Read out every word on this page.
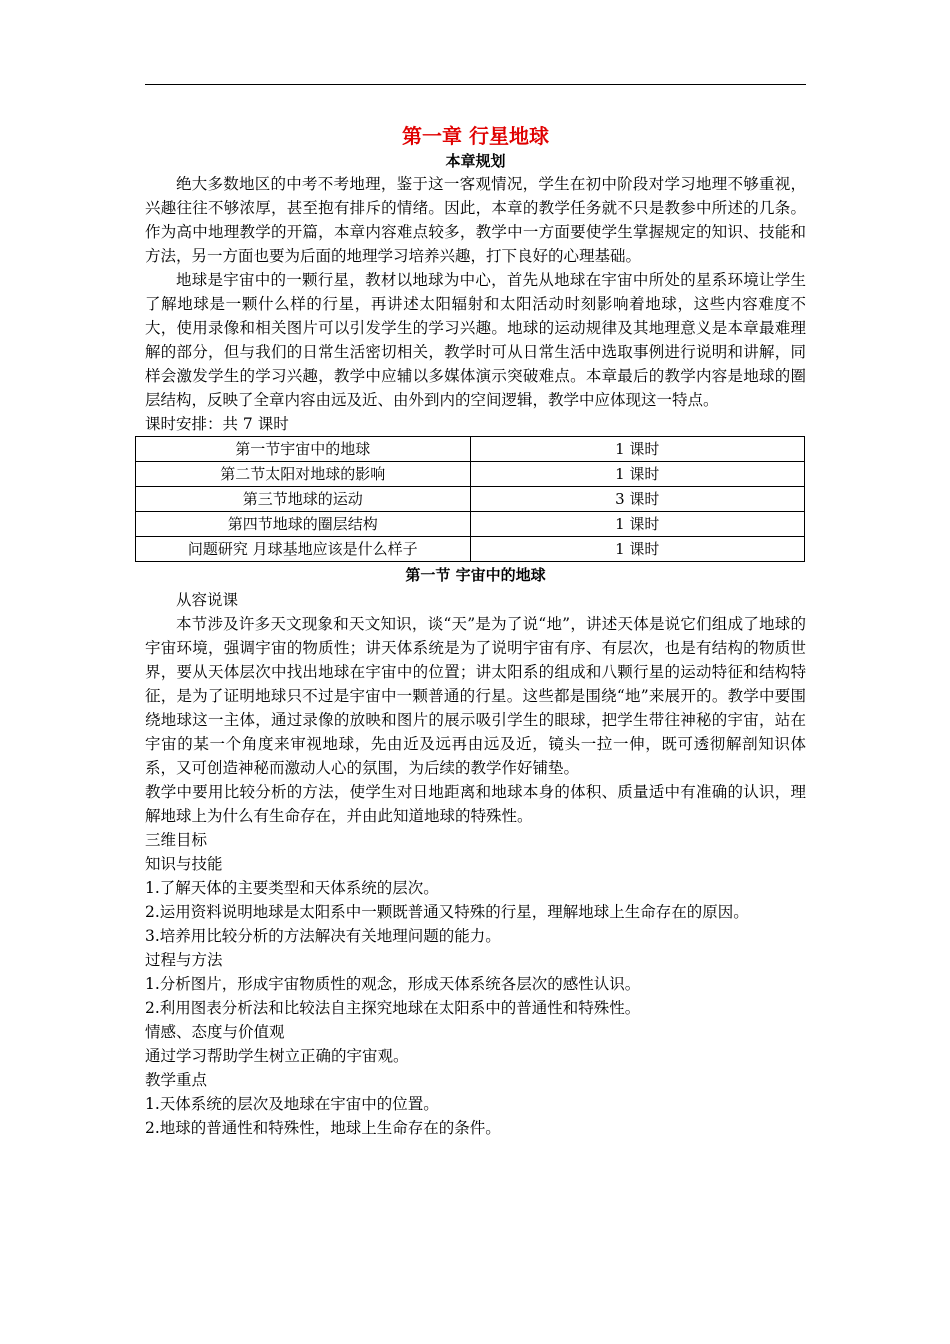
第一章 行星地球
本章规划

绝大多数地区的中考不考地理，鉴于这一客观情况，学生在初中阶段对学习地理不够重视，兴趣往往不够浓厚，甚至抱有排斥的情绪。因此，本章的教学任务就不只是教参中所述的几条。作为高中地理教学的开篇，本章内容难点较多，教学中一方面要使学生掌握规定的知识、技能和方法，另一方面也要为后面的地理学习培养兴趣，打下良好的心理基础。

地球是宇宙中的一颗行星，教材以地球为中心，首先从地球在宇宙中所处的星系环境让学生了解地球是一颗什么样的行星，再讲述太阳辐射和太阳活动时刻影响着地球，这些内容难度不大，使用录像和相关图片可以引发学生的学习兴趣。地球的运动规律及其地理意义是本章最难理解的部分，但与我们的日常生活密切相关，教学时可从日常生活中选取事例进行说明和讲解，同样会激发学生的学习兴趣，教学中应辅以多媒体演示突破难点。本章最后的教学内容是地球的圈层结构，反映了全章内容由远及近、由外到内的空间逻辑，教学中应体现这一特点。

课时安排：共 7 课时

第一节宇宙中的地球	1 课时
第二节太阳对地球的影响	1 课时
第三节地球的运动	3 课时
第四节地球的圈层结构	1 课时
问题研究 月球基地应该是什么样子	1 课时
第一节 宇宙中的地球

从容说课

本节涉及许多天文现象和天文知识，谈“天”是为了说“地”，讲述天体是说它们组成了地球的宇宙环境，强调宇宙的物质性；讲天体系统是为了说明宇宙有序、有层次，也是有结构的物质世界，要从天体层次中找出地球在宇宙中的位置；讲太阳系的组成和八颗行星的运动特征和结构特征，是为了证明地球只不过是宇宙中一颗普通的行星。这些都是围绕“地”来展开的。教学中要围绕地球这一主体，通过录像的放映和图片的展示吸引学生的眼球，把学生带往神秘的宇宙，站在宇宙的某一个角度来审视地球，先由近及远再由远及近，镜头一拉一伸，既可透彻解剖知识体系，又可创造神秘而激动人心的氛围，为后续的教学作好铺垫。

教学中要用比较分析的方法，使学生对日地距离和地球本身的体积、质量适中有准确的认识，理解地球上为什么有生命存在，并由此知道地球的特殊性。

三维目标

知识与技能

1.了解天体的主要类型和天体系统的层次。

2.运用资料说明地球是太阳系中一颗既普通又特殊的行星，理解地球上生命存在的原因。

3.培养用比较分析的方法解决有关地理问题的能力。

过程与方法

1.分析图片，形成宇宙物质性的观念，形成天体系统各层次的感性认识。

2.利用图表分析法和比较法自主探究地球在太阳系中的普通性和特殊性。

情感、态度与价值观

通过学习帮助学生树立正确的宇宙观。

教学重点

1.天体系统的层次及地球在宇宙中的位置。

2.地球的普通性和特殊性，地球上生命存在的条件。
